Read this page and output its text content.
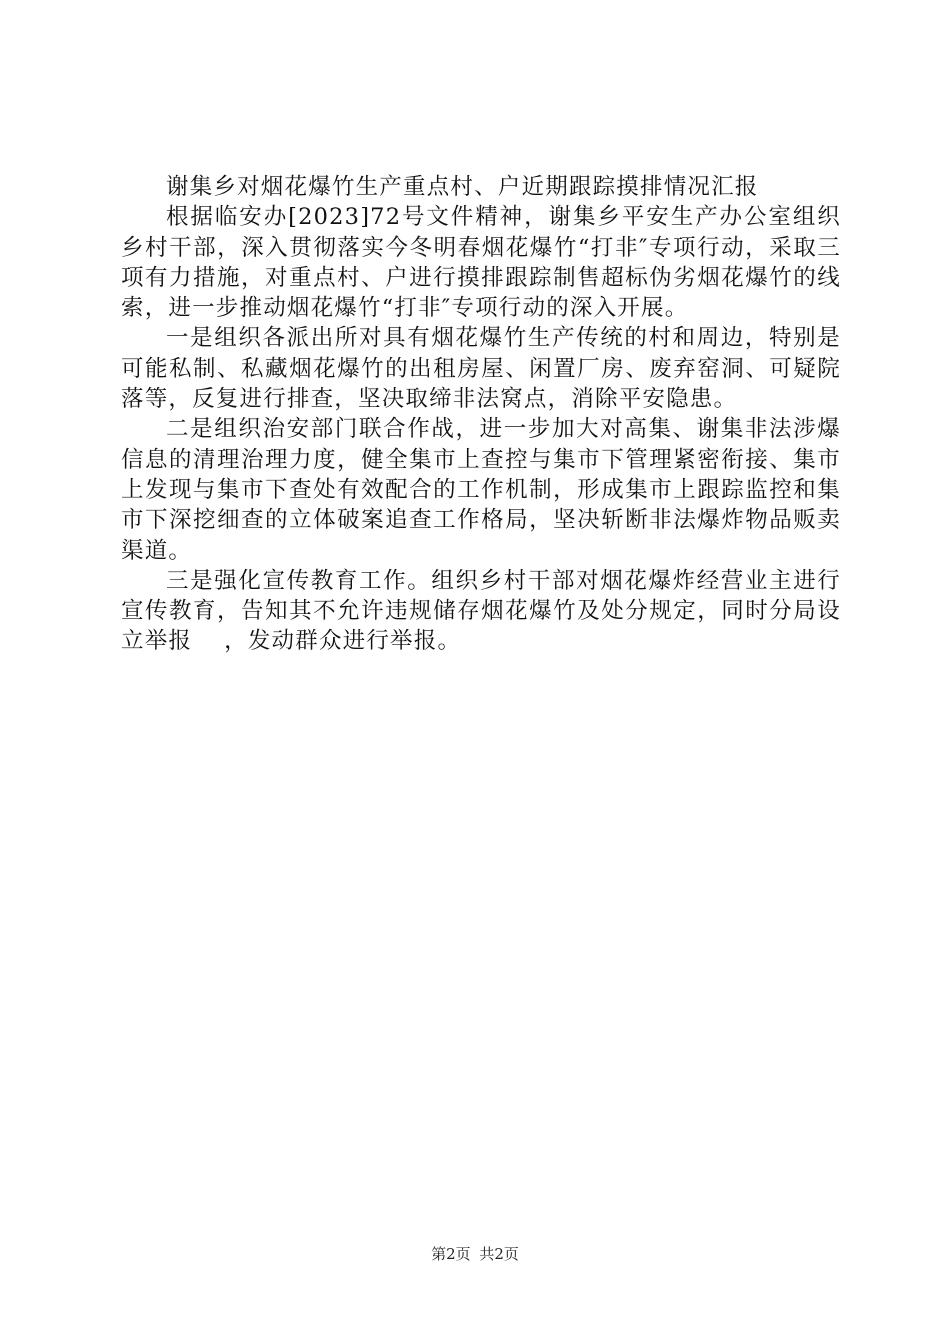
谢集乡对烟花爆竹生产重点村、户近期跟踪摸排情况汇报

根据临安办[2023]72号文件精神，谢集乡平安生产办公室组织乡村干部，深入贯彻落实今冬明春烟花爆竹“打非″专项行动，采取三项有力措施，对重点村、户进行摸排跟踪制售超标伪劣烟花爆竹的线索，进一步推动烟花爆竹“打非″专项行动的深入开展。

一是组织各派出所对具有烟花爆竹生产传统的村和周边，特别是可能私制、私藏烟花爆竹的出租房屋、闲置厂房、废弃窑洞、可疑院落等，反复进行排查，坚决取缔非法窝点，消除平安隐患。

二是组织治安部门联合作战，进一步加大对高集、谢集非法涉爆信息的清理治理力度，健全集市上查控与集市下管理紧密衔接、集市上发现与集市下查处有效配合的工作机制，形成集市上跟踪监控和集市下深挖细查的立体破案追查工作格局，坚决斩断非法爆炸物品贩卖渠道。

三是强化宣传教育工作。组织乡村干部对烟花爆炸经营业主进行宣传教育，告知其不允许违规储存烟花爆竹及处分规定，同时分局设立举报　 ，发动群众进行举报。

第2页 共2页
